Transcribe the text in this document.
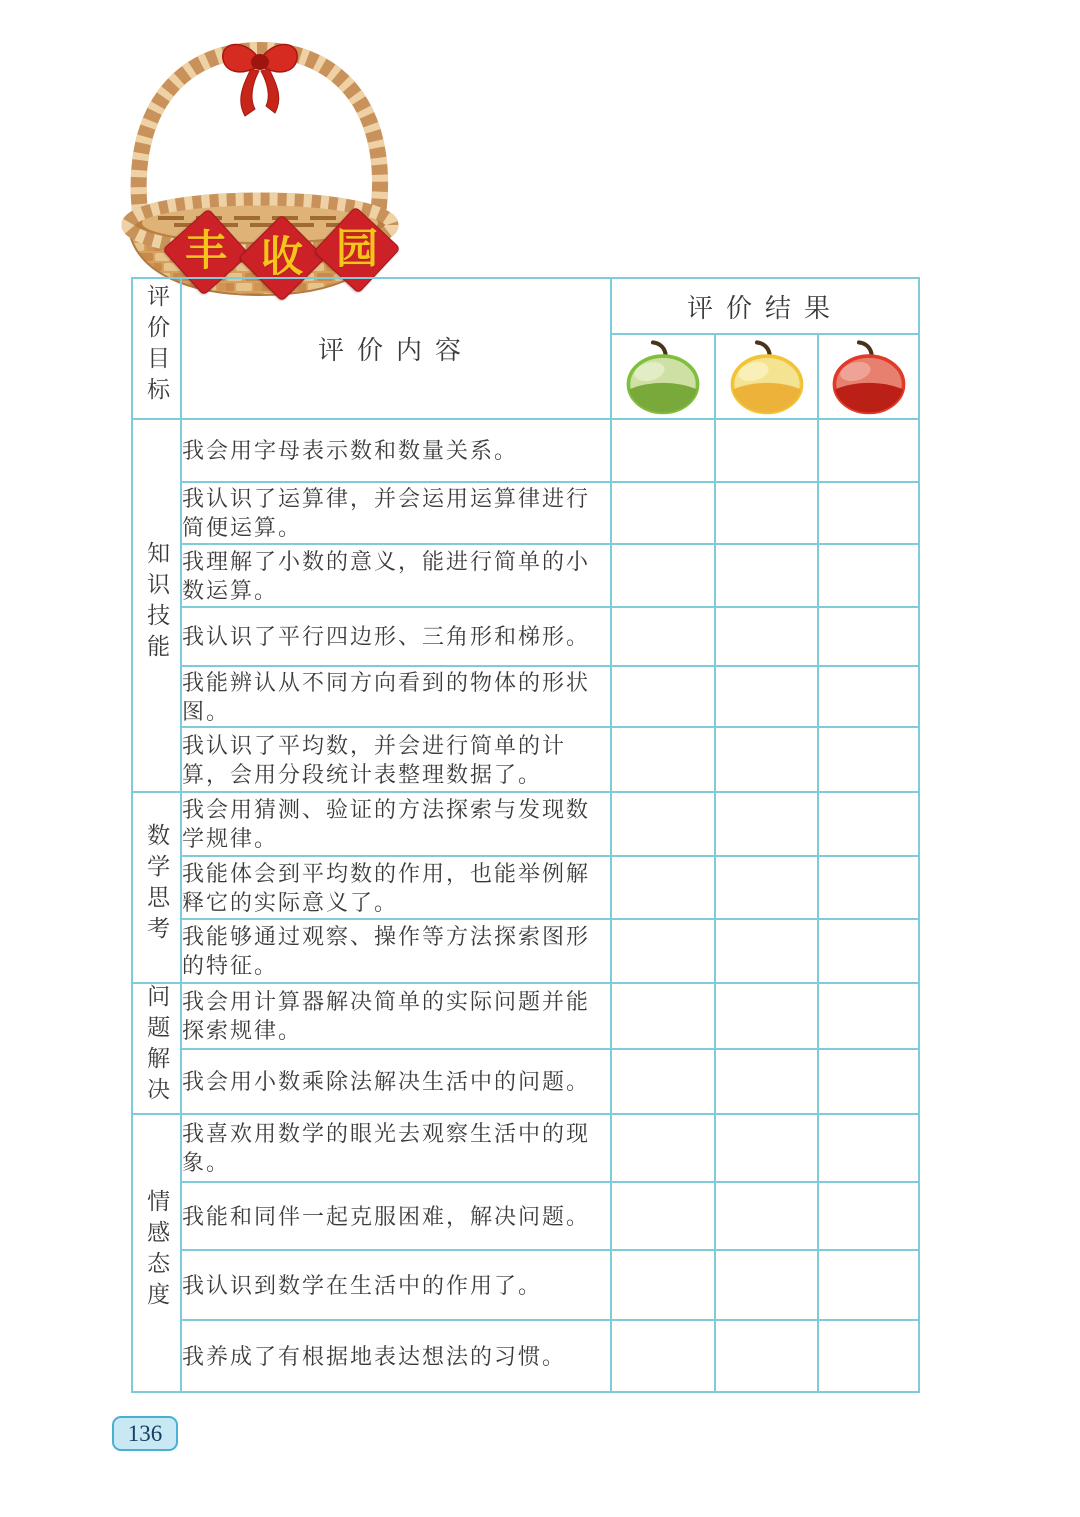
丰 收 园
评价目标	评价内容	评价结果		

知识技能	我会用字母表示数和数量关系。			
	我认识了运算律，并会运用运算律进行简便运算。			
	我理解了小数的意义，能进行简单的小数运算。			
	我认识了平行四边形、三角形和梯形。			
	我能辨认从不同方向看到的物体的形状图。			
	我认识了平均数，并会进行简单的计算，会用分段统计表整理数据了。			
数学思考	我会用猜测、验证的方法探索与发现数学规律。			
	我能体会到平均数的作用，也能举例解释它的实际意义了。			
	我能够通过观察、操作等方法探索图形的特征。			
问题解决	我会用计算器解决简单的实际问题并能探索规律。			
	我会用小数乘除法解决生活中的问题。			
情感态度	我喜欢用数学的眼光去观察生活中的现象。			
	我能和同伴一起克服困难，解决问题。			
	我认识到数学在生活中的作用了。			
	我养成了有根据地表达想法的习惯。			
136
